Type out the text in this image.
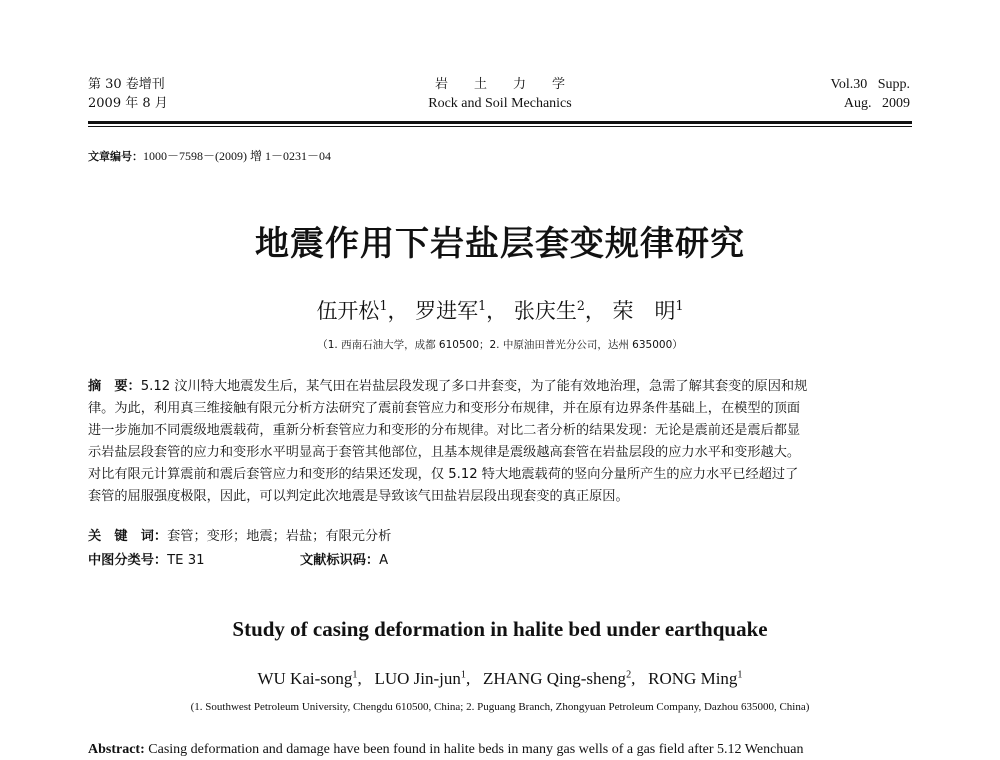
第 30 卷增刊
2009 年 8 月
岩土力学
Rock and Soil Mechanics
Vol.30   Supp.
Aug.   2009
文章编号：1000－7598－(2009) 增 1－0231－04
地震作用下岩盐层套变规律研究
伍开松$^1$， 罗进军$^1$， 张庆生$^2$， 荣　明$^1$
（1. 西南石油大学，成都 610500；2. 中原油田普光分公司，达州 635000）
摘　要：5.12 汶川特大地震发生后，某气田在岩盐层段发现了多口井套变，为了能有效地治理，急需了解其套变的原因和规
律。为此，利用真三维接触有限元分析方法研究了震前套管应力和变形分布规律，并在原有边界条件基础上，在模型的顶面
进一步施加不同震级地震载荷，重新分析套管应力和变形的分布规律。对比二者分析的结果发现：无论是震前还是震后都显
示岩盐层段套管的应力和变形水平明显高于套管其他部位，且基本规律是震级越高套管在岩盐层段的应力水平和变形越大。
对比有限元计算震前和震后套管应力和变形的结果还发现，仅 5.12 特大地震载荷的竖向分量所产生的应力水平已经超过了
套管的屈服强度极限，因此，可以判定此次地震是导致该气田盐岩层段出现套变的真正原因。
关　键　词：套管；变形；地震；岩盐；有限元分析
中图分类号：TE 31	文献标识码：A
Study of casing deformation in halite bed under earthquake
WU Kai-song$^1$,   LUO Jin-jun$^1$,   ZHANG Qing-sheng$^2$,   RONG Ming$^1$
(1. Southwest Petroleum University, Chengdu 610500, China; 2. Puguang Branch, Zhongyuan Petroleum Company, Dazhou 635000, China)
Abstract: Casing deformation and damage have been found in halite beds in many gas wells of a gas field after 5.12 Wenchuan
